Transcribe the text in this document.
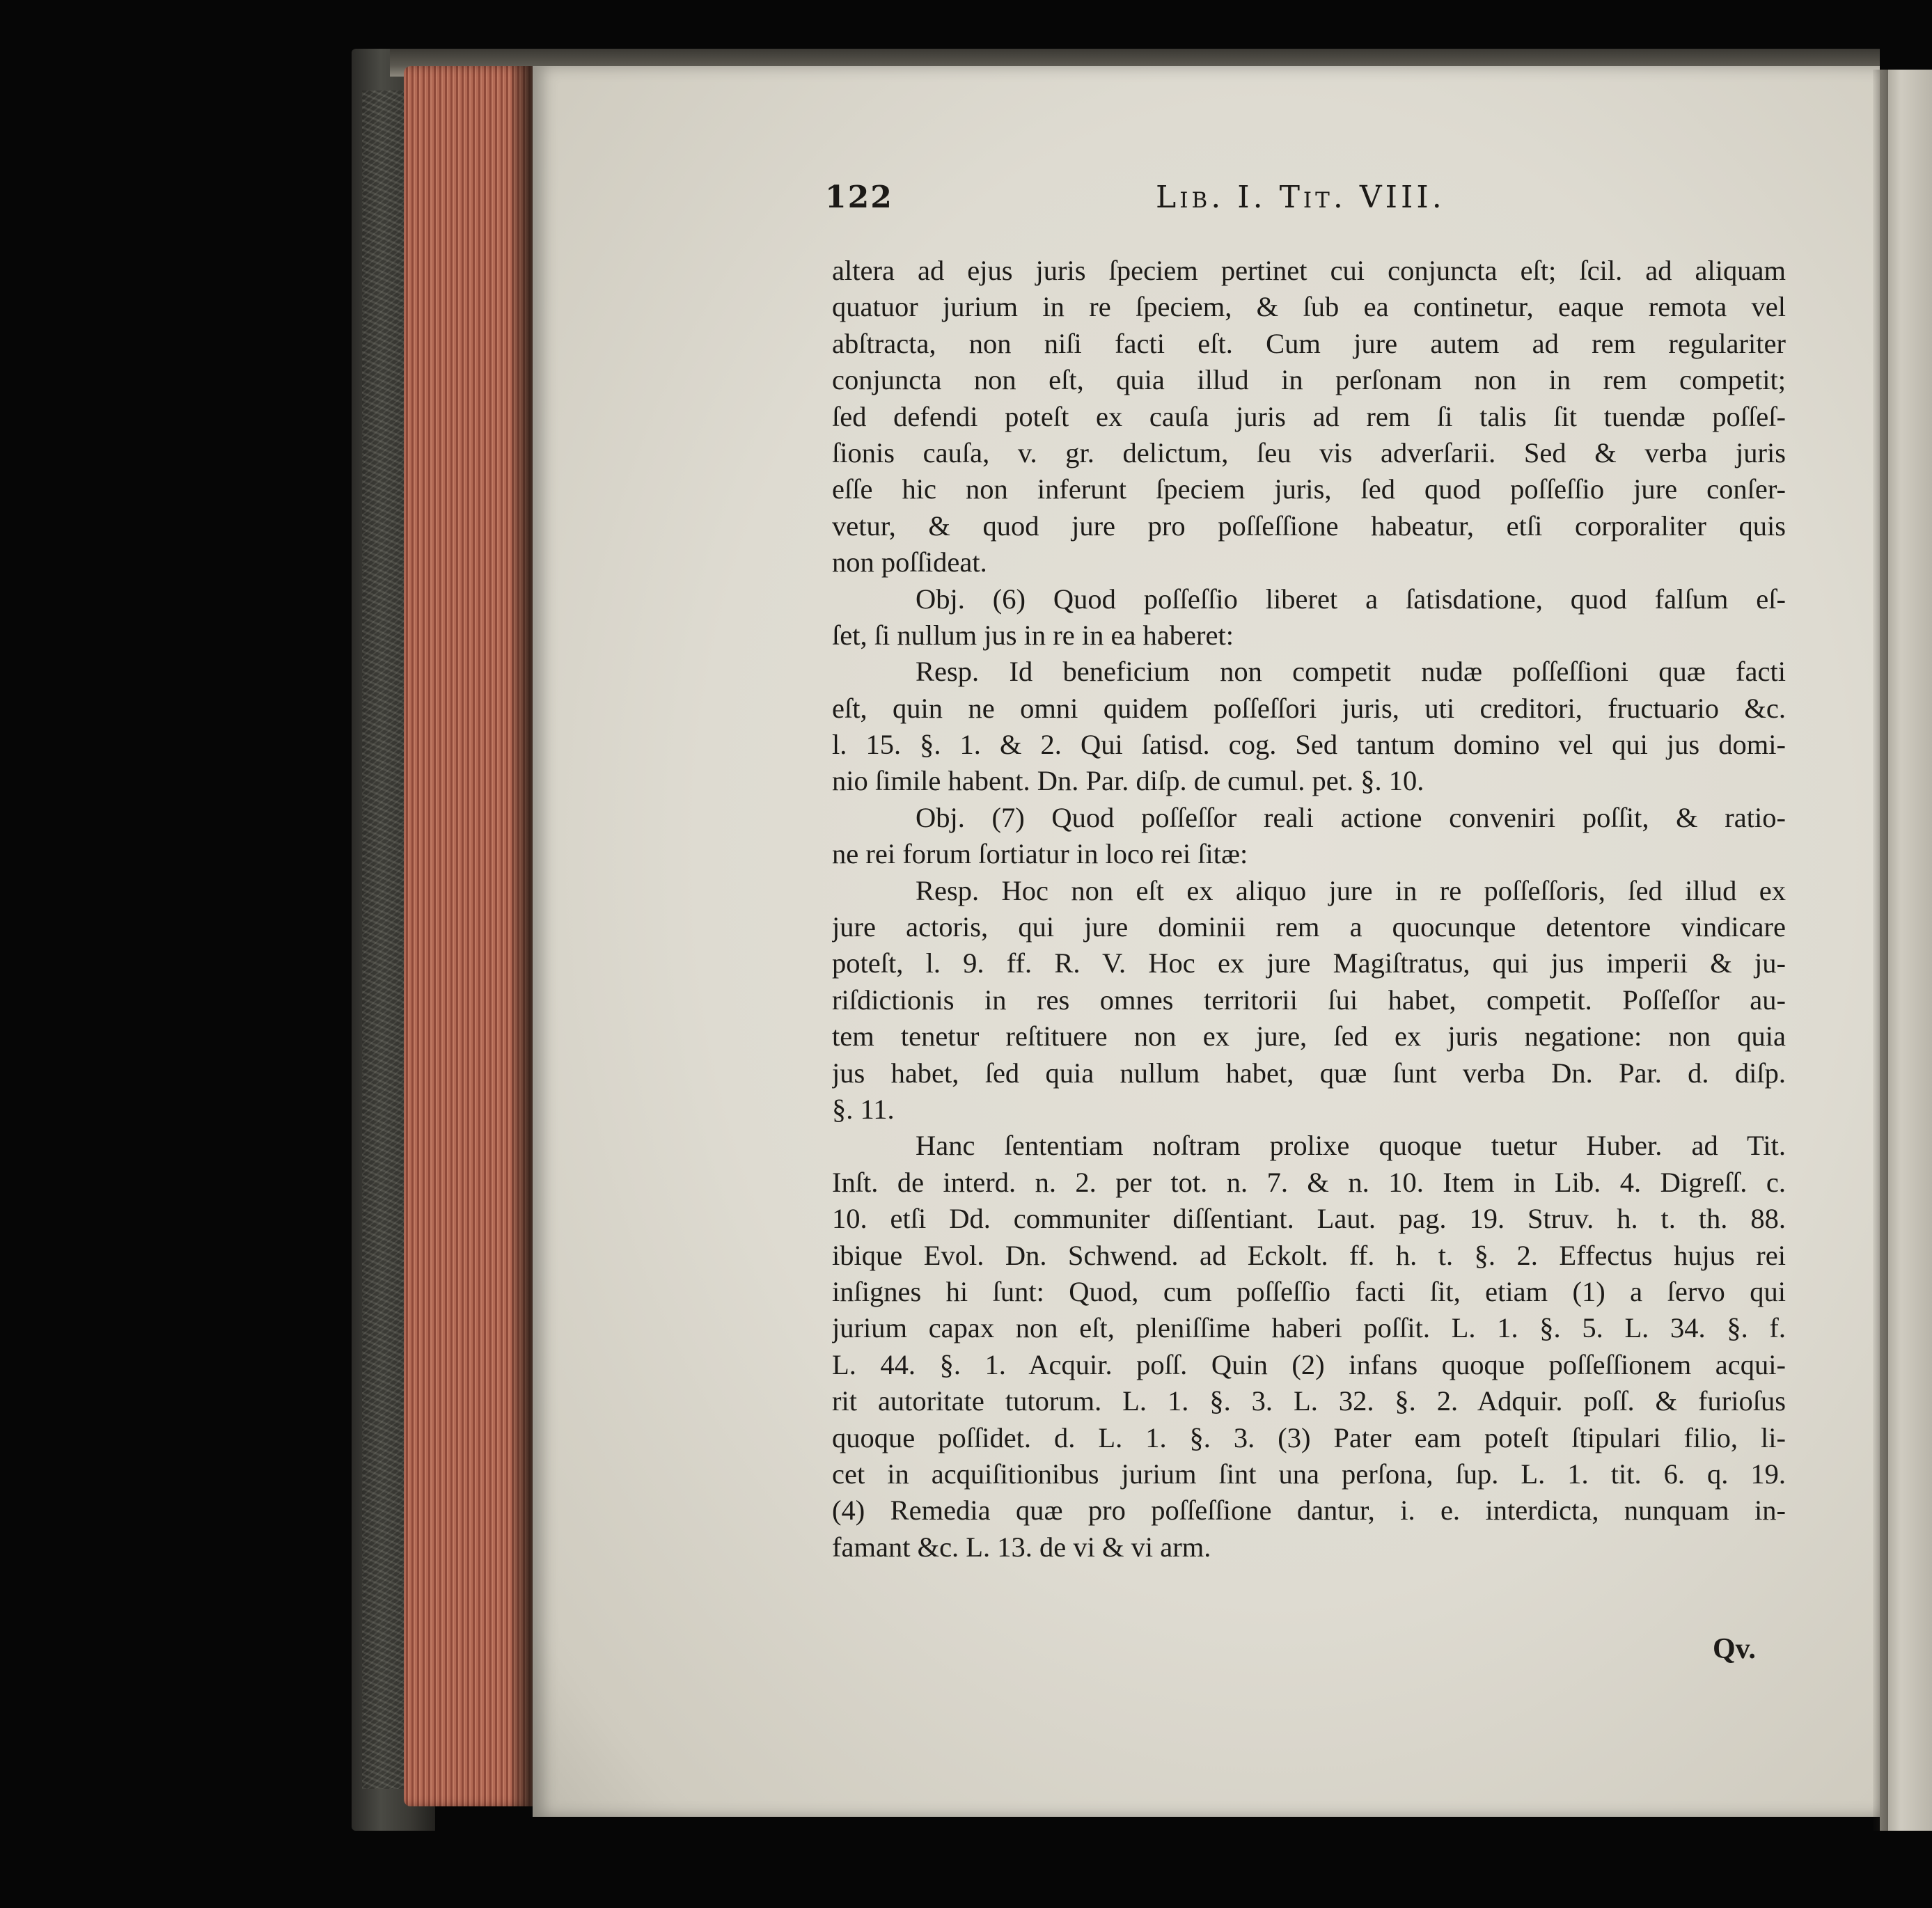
122	Lib. I. Tit. VIII.
altera ad ejus juris ſpeciem pertinet cui conjuncta eſt; ſcil. ad aliquam
quatuor jurium in re ſpeciem, & ſub ea continetur, eaque remota vel
abſtracta, non niſi facti eſt. Cum jure autem ad rem regulariter
conjuncta non eſt, quia illud in perſonam non in rem competit;
ſed defendi poteſt ex cauſa juris ad rem ſi talis ſit tuendæ poſſeſ-
ſionis cauſa, v. gr. delictum, ſeu vis adverſarii. Sed & verba juris
eſſe hic non inferunt ſpeciem juris, ſed quod poſſeſſio jure conſer-
vetur, & quod jure pro poſſeſſione habeatur, etſi corporaliter quis
non poſſideat.
Obj. (6) Quod poſſeſſio liberet a ſatisdatione, quod falſum eſ-
ſet, ſi nullum jus in re in ea haberet:
Resp. Id beneficium non competit nudæ poſſeſſioni quæ facti
eſt, quin ne omni quidem poſſeſſori juris, uti creditori, fructuario &c.
l. 15. §. 1. & 2. Qui ſatisd. cog. Sed tantum domino vel qui jus domi-
nio ſimile habent. Dn. Par. diſp. de cumul. pet. §. 10.
Obj. (7) Quod poſſeſſor reali actione conveniri poſſit, & ratio-
ne rei forum ſortiatur in loco rei ſitæ:
Resp. Hoc non eſt ex aliquo jure in re poſſeſſoris, ſed illud ex
jure actoris, qui jure dominii rem a quocunque detentore vindicare
poteſt, l. 9. ff. R. V. Hoc ex jure Magiſtratus, qui jus imperii & ju-
riſdictionis in res omnes territorii ſui habet, competit. Poſſeſſor au-
tem tenetur reſtituere non ex jure, ſed ex juris negatione: non quia
jus habet, ſed quia nullum habet, quæ ſunt verba Dn. Par. d. diſp.
§. 11.
Hanc ſententiam noſtram prolixe quoque tuetur Huber. ad Tit.
Inſt. de interd. n. 2. per tot. n. 7. & n. 10. Item in Lib. 4. Digreſſ. c.
10. etſi Dd. communiter diſſentiant. Laut. pag. 19. Struv. h. t. th. 88.
ibique Evol. Dn. Schwend. ad Eckolt. ff. h. t. §. 2. Effectus hujus rei
inſignes hi ſunt: Quod, cum poſſeſſio facti ſit, etiam (1) a ſervo qui
jurium capax non eſt, pleniſſime haberi poſſit. L. 1. §. 5. L. 34. §. f.
L. 44. §. 1. Acquir. poſſ. Quin (2) infans quoque poſſeſſionem acqui-
rit autoritate tutorum. L. 1. §. 3. L. 32. §. 2. Adquir. poſſ. & furioſus
quoque poſſidet. d. L. 1. §. 3. (3) Pater eam poteſt ſtipulari filio, li-
cet in acquiſitionibus jurium ſint una perſona, ſup. L. 1. tit. 6. q. 19.
(4) Remedia quæ pro poſſeſſione dantur, i. e. interdicta, nunquam in-
famant &c. L. 13. de vi & vi arm.
Qv.
